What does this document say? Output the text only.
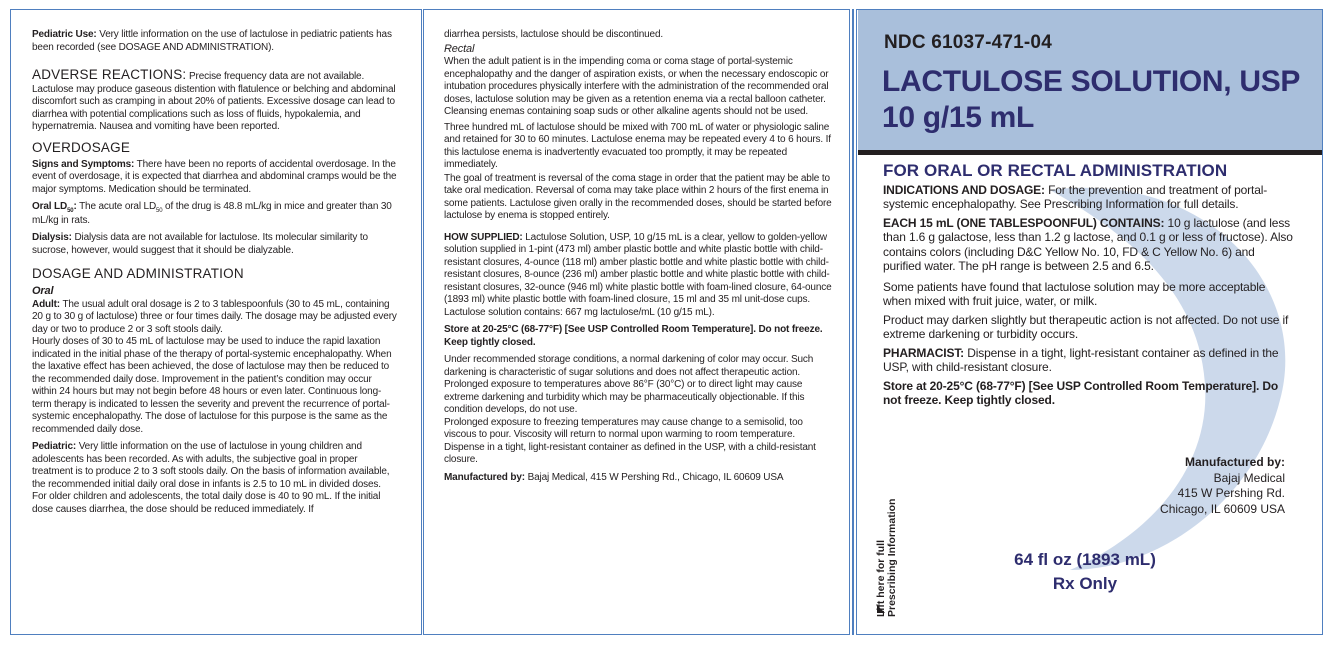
Pediatric Use: Very little information on the use of lactulose in pediatric patients has been recorded (see DOSAGE AND ADMINISTRATION).

ADVERSE REACTIONS: Precise frequency data are not available. Lactulose may produce gaseous distention with flatulence or belching and abdominal discomfort such as cramping in about 20% of patients. Excessive dosage can lead to diarrhea with potential complications such as loss of fluids, hypokalemia, and hypernatremia. Nausea and vomiting have been reported.

OVERDOSAGE

Signs and Symptoms: There have been no reports of accidental overdosage. In the event of overdosage, it is expected that diarrhea and abdominal cramps would be the major symptoms. Medication should be terminated.

Oral $LD_{50}$: The acute oral $LD_{50}$ of the drug is 48.8 mL/kg in mice and greater than 30 mL/kg in rats.

Dialysis: Dialysis data are not available for lactulose. Its molecular similarity to sucrose, however, would suggest that it should be dialyzable.

DOSAGE AND ADMINISTRATION
Oral

Adult: The usual adult oral dosage is 2 to 3 tablespoonfuls (30 to 45 mL, containing 20 g to 30 g of lactulose) three or four times daily. The dosage may be adjusted every day or two to produce 2 or 3 soft stools daily.

Hourly doses of 30 to 45 mL of lactulose may be used to induce the rapid laxation indicated in the initial phase of the therapy of portal-systemic encephalopathy. When the laxative effect has been achieved, the dose of lactulose may then be reduced to the recommended daily dose. Improvement in the patient’s condition may occur within 24 hours but may not begin before 48 hours or even later. Continuous long-term therapy is indicated to lessen the severity and prevent the recurrence of portal-systemic encephalopathy. The dose of lactulose for this purpose is the same as the recommended daily dose.

Pediatric: Very little information on the use of lactulose in young children and adolescents has been recorded. As with adults, the subjective goal in proper treatment is to produce 2 to 3 soft stools daily. On the basis of information available, the recommended initial daily oral dose in infants is 2.5 to 10 mL in divided doses. For older children and adolescents, the total daily dose is 40 to 90 mL. If the initial dose causes diarrhea, the dose should be reduced immediately. If

diarrhea persists, lactulose should be discontinued.

Rectal

When the adult patient is in the impending coma or coma stage of portal-systemic encephalopathy and the danger of aspiration exists, or when the necessary endoscopic or intubation procedures physically interfere with the administration of the recommended oral doses, lactulose solution may be given as a retention enema via a rectal balloon catheter. Cleansing enemas containing soap suds or other alkaline agents should not be used.

Three hundred mL of lactulose should be mixed with 700 mL of water or physiologic saline and retained for 30 to 60 minutes. Lactulose enema may be repeated every 4 to 6 hours. If this lactulose enema is inadvertently evacuated too promptly, it may be repeated immediately.

The goal of treatment is reversal of the coma stage in order that the patient may be able to take oral medication. Reversal of coma may take place within 2 hours of the first enema in some patients. Lactulose given orally in the recommended doses, should be started before lactulose by enema is stopped entirely.

HOW SUPPLIED: Lactulose Solution, USP, 10 g/15 mL is a clear, yellow to golden-yellow solution supplied in 1-pint (473 ml) amber plastic bottle and white plastic bottle with child-resistant closures, 4-ounce (118 ml) amber plastic bottle and white plastic bottle with child-resistant closures, 8-ounce (236 ml) amber plastic bottle and white plastic bottle with child-resistant closures, 32-ounce (946 ml) white plastic bottle with foam-lined closure, 64-ounce (1893 ml) white plastic bottle with foam-lined closure, 15 ml and 35 ml unit-dose cups.

Lactulose solution contains: 667 mg lactulose/mL (10 g/15 mL).

Store at 20-25°C (68-77°F) [See USP Controlled Room Temperature]. Do not freeze. Keep tightly closed.

Under recommended storage conditions, a normal darkening of color may occur. Such darkening is characteristic of sugar solutions and does not affect therapeutic action. Prolonged exposure to temperatures above 86°F (30°C) or to direct light may cause extreme darkening and turbidity which may be pharmaceutically objectionable. If this condition develops, do not use.

Prolonged exposure to freezing temperatures may cause change to a semisolid, too viscous to pour. Viscosity will return to normal upon warming to room temperature. Dispense in a tight, light-resistant container as defined in the USP, with a child-resistant closure.

Manufactured by: Bajaj Medical, 415 W Pershing Rd., Chicago, IL 60609 USA

NDC 61037-471-04
LACTULOSE SOLUTION, USP
10 g/15 mL
FOR ORAL OR RECTAL ADMINISTRATION

INDICATIONS AND DOSAGE: For the prevention and treatment of portal-systemic encephalopathy. See Prescribing Information for full details.

EACH 15 mL (ONE TABLESPOONFUL) CONTAINS: 10 g lactulose (and less than 1.6 g galactose, less than 1.2 g lactose, and 0.1 g or less of fructose). Also contains colors (including D&C Yellow No. 10, FD & C Yellow No. 6) and purified water. The pH range is between 2.5 and 6.5.

Some patients have found that lactulose solution may be more acceptable when mixed with fruit juice, water, or milk.

Product may darken slightly but therapeutic action is not affected. Do not use if extreme darkening or turbidity occurs.

PHARMACIST: Dispense in a tight, light-resistant container as defined in the USP, with child-resistant closure.

Store at 20-25°C (68-77°F) [See USP Controlled Room Temperature]. Do not freeze. Keep tightly closed.

Manufactured by:
Bajaj Medical
415 W Pershing Rd.
Chicago, IL 60609 USA
64 fl oz (1893 mL)
Rx Only
Lift here for full Prescribing Information
